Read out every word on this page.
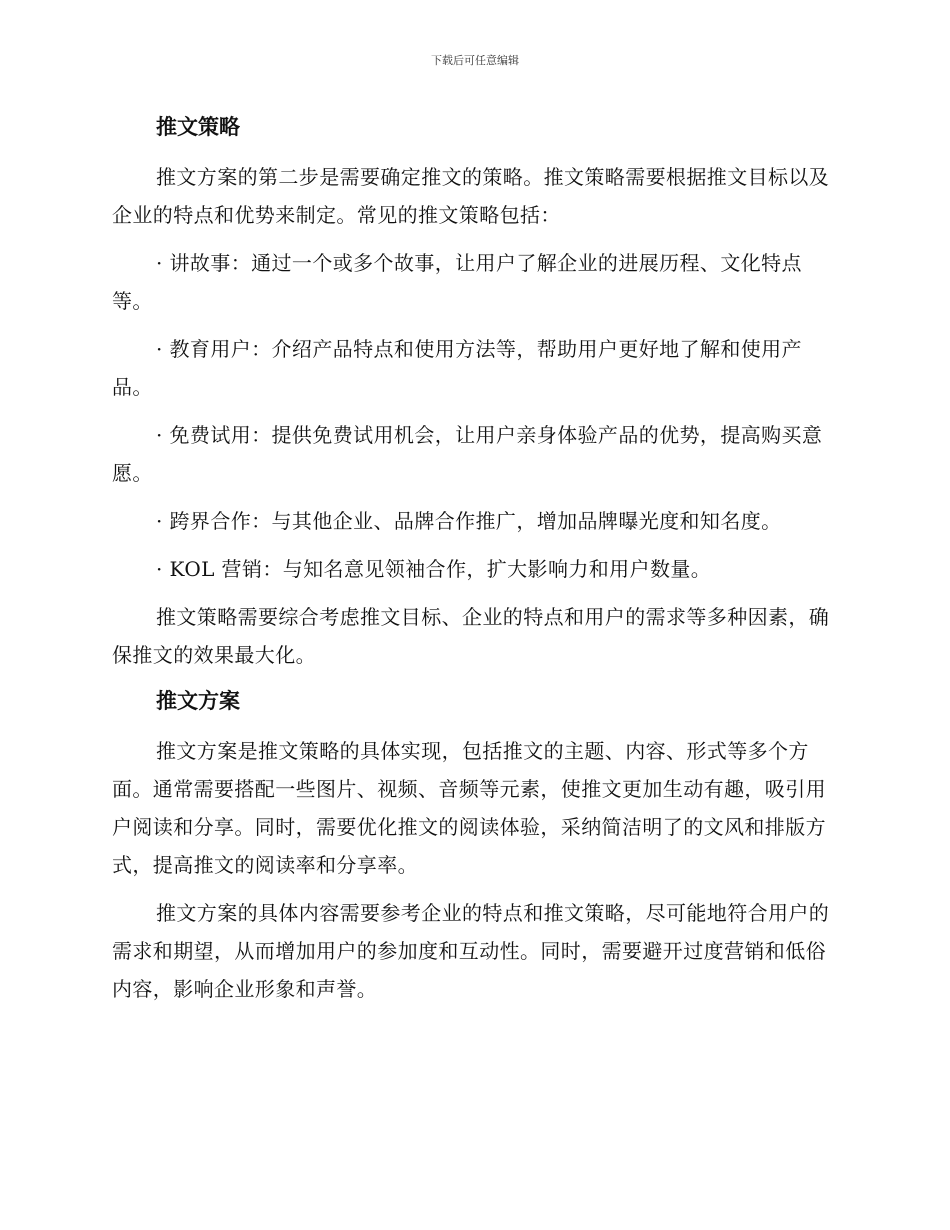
下载后可任意编辑
推文策略

推文方案的第二步是需要确定推文的策略。推文策略需要根据推文目标以及企业的特点和优势来制定。常见的推文策略包括：

· 讲故事：通过一个或多个故事，让用户了解企业的进展历程、文化特点等。

· 教育用户：介绍产品特点和使用方法等，帮助用户更好地了解和使用产品。

· 免费试用：提供免费试用机会，让用户亲身体验产品的优势，提高购买意愿。

· 跨界合作：与其他企业、品牌合作推广，增加品牌曝光度和知名度。

· KOL 营销：与知名意见领袖合作，扩大影响力和用户数量。

推文策略需要综合考虑推文目标、企业的特点和用户的需求等多种因素，确保推文的效果最大化。

推文方案

推文方案是推文策略的具体实现，包括推文的主题、内容、形式等多个方面。通常需要搭配一些图片、视频、音频等元素，使推文更加生动有趣，吸引用户阅读和分享。同时，需要优化推文的阅读体验，采纳简洁明了的文风和排版方式，提高推文的阅读率和分享率。

推文方案的具体内容需要参考企业的特点和推文策略，尽可能地符合用户的需求和期望，从而增加用户的参加度和互动性。同时，需要避开过度营销和低俗内容，影响企业形象和声誉。
